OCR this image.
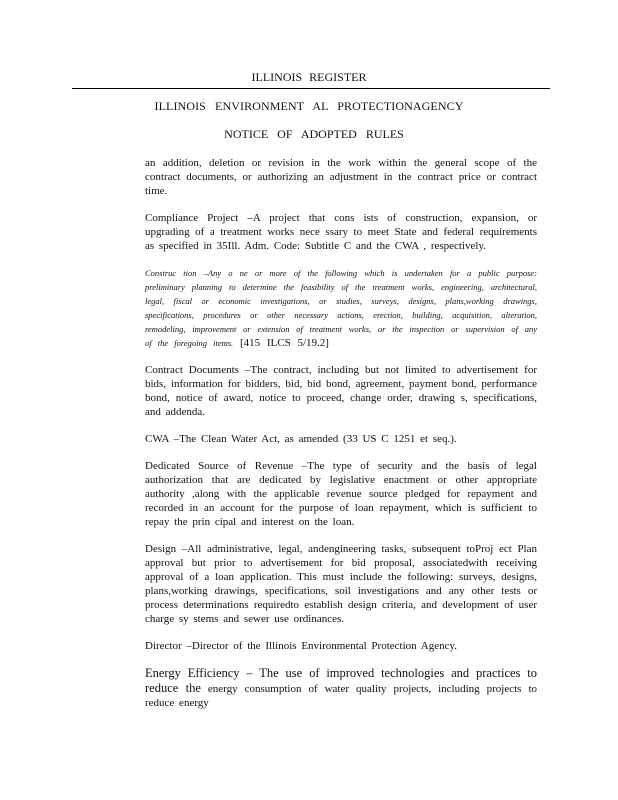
ILLINOIS REGISTER
ILLINOIS ENVIRONMENT AL PROTECTIONAGENCY
NOTICE OF ADOPTED RULES

an addition, deletion or revision in the work within the general scope of the contract documents, or authorizing an adjustment in the contract price or contract time.

Compliance Project –A project that cons ists of construction, expansion, or upgrading of a treatment works nece ssary to meet State and federal requirements as specified in 35Ill. Adm. Code: Subtitle C and the CWA , respectively.

Construc tion –Any o ne or more of the following which is undertaken for a public purpose: preliminary planning to determine the feasibility of the treatment works, engineering, architectural, legal, fiscal or economic investigations, or studies, surveys, designs, plans,working drawings, specifications, procedures or other necessary actions, erection, building, acquisition, alteration, remodeling, improvement or extension of treatment works, or the inspection or supervision of any of the foregoing items. [415 ILCS 5/19.2]

Contract Documents –The contract, including but not limited to advertisement for bids, information for bidders, bid, bid bond, agreement, payment bond, performance bond, notice of award, notice to proceed, change order, drawing s, specifications, and addenda.

CWA –The Clean Water Act, as amended (33 US C 1251 et seq.).

Dedicated Source of Revenue –The type of security and the basis of legal authorization that are dedicated by legislative enactment or other appropriate authority ,along with the applicable revenue source pledged for repayment and recorded in an account for the purpose of loan repayment, which is sufficient to repay the prin cipal and interest on the loan.

Design –All administrative, legal, andengineering tasks, subsequent toProj ect Plan approval but prior to advertisement for bid proposal, associatedwith receiving approval of a loan application. This must include the following: surveys, designs, plans,working drawings, specifications, soil investigations and any other tests or process determinations requiredto establish design criteria, and development of user charge sy stems and sewer use ordinances.

Director –Director of the Illinois Environmental Protection Agency.

Energy Efficiency – The use of improved technologies and practices to reduce the energy consumption of water quality projects, including projects to reduce energy
